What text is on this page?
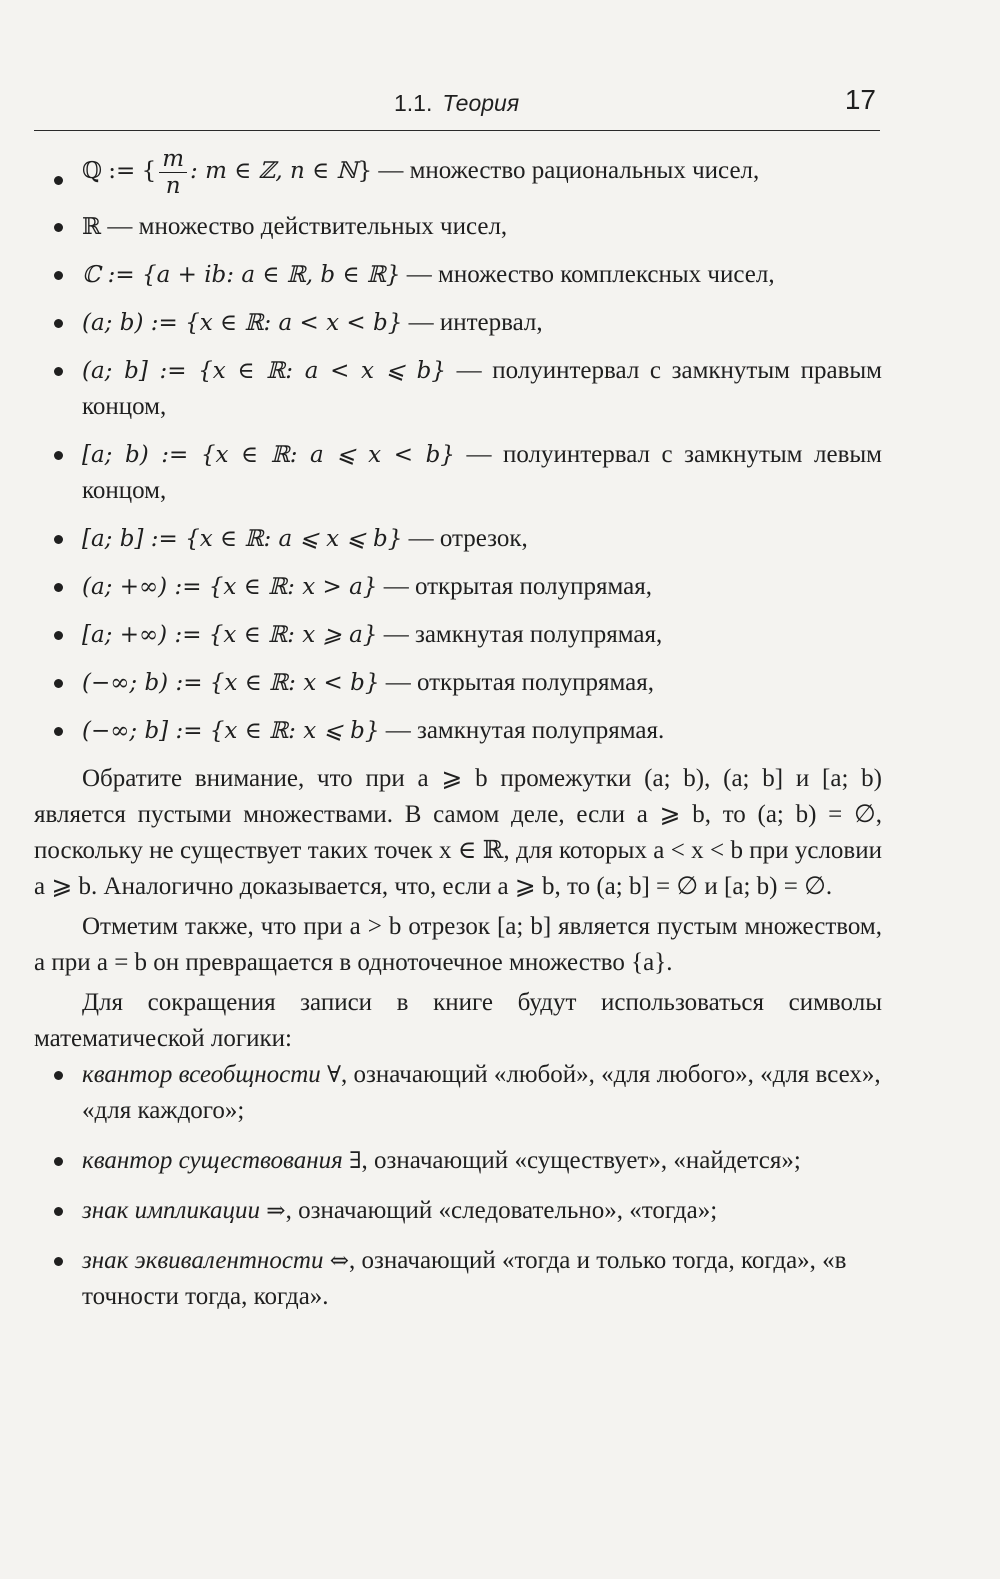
1.1. Теория	17
ℚ := { $\frac{m}{n}$ : m ∈ ℤ, n ∈ ℕ} — множество рациональных чисел,
ℝ — множество действительных чисел,
ℂ := {a + ib: a ∈ ℝ, b ∈ ℝ} — множество комплексных чисел,
(a; b) := {x ∈ ℝ: a < x < b} — интервал,
(a; b] := {x ∈ ℝ: a < x ⩽ b} — полуинтервал с замкнутым правым концом,
[a; b) := {x ∈ ℝ: a ⩽ x < b} — полуинтервал с замкнутым левым концом,
[a; b] := {x ∈ ℝ: a ⩽ x ⩽ b} — отрезок,
(a; +∞) := {x ∈ ℝ: x > a} — открытая полупрямая,
[a; +∞) := {x ∈ ℝ: x ⩾ a} — замкнутая полупрямая,
(−∞; b) := {x ∈ ℝ: x < b} — открытая полупрямая,
(−∞; b] := {x ∈ ℝ: x ⩽ b} — замкнутая полупрямая.

Обратите внимание, что при a ⩾ b промежутки (a; b), (a; b] и [a; b) является пустыми множествами. В самом деле, если a ⩾ b, то (a; b) = ∅, поскольку не существует таких точек x ∈ ℝ, для которых a < x < b при условии a ⩾ b. Аналогично доказывается, что, если a ⩾ b, то (a; b] = ∅ и [a; b) = ∅.

Отметим также, что при a > b отрезок [a; b] является пустым множеством, а при a = b он превращается в одноточечное множество {a}.

Для сокращения записи в книге будут использоваться символы математической логики:

квантор всеобщности ∀, означающий «любой», «для любого», «для всех», «для каждого»;
квантор существования ∃, означающий «существует», «найдется»;
знак импликации ⇒, означающий «следовательно», «тогда»;
знак эквивалентности ⇔, означающий «тогда и только тогда, когда», «в точности тогда, когда».
